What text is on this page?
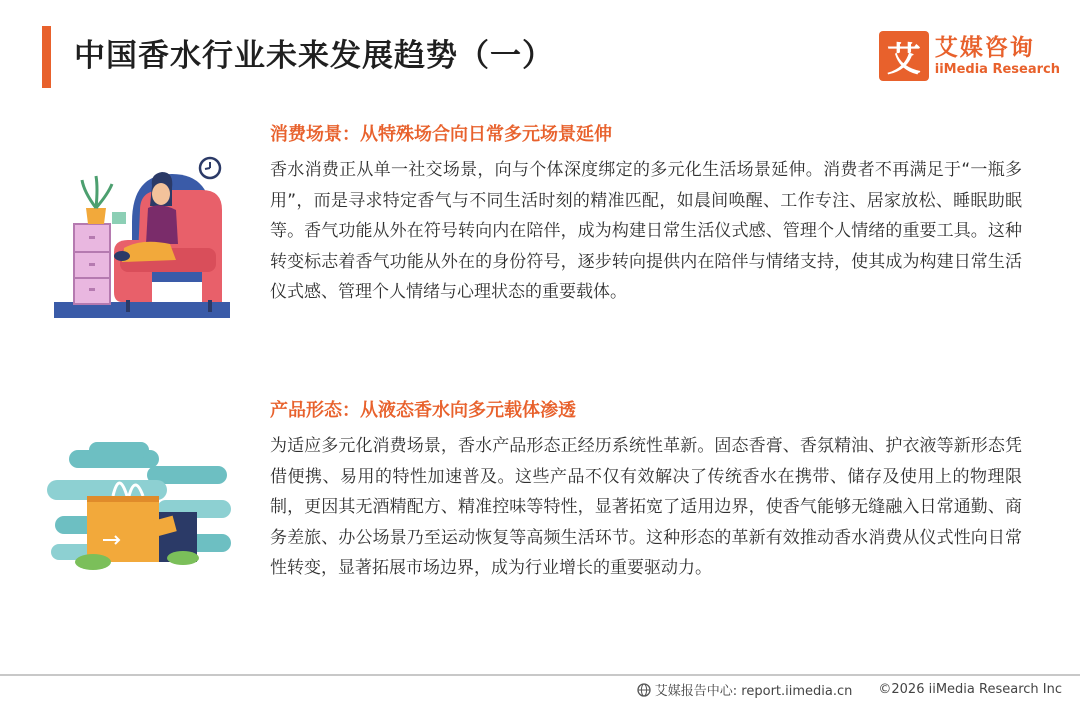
中国香水行业未来发展趋势（一）	艾 艾媒咨询
iiMedia Research
消费场景：从特殊场合向日常多元场景延伸
香水消费正从单一社交场景，向与个体深度绑定的多元化生活场景延伸。消费者不再满足于“一瓶多用”，而是寻求特定香气与不同生活时刻的精准匹配，如晨间唤醒、工作专注、居家放松、睡眠助眠等。香气功能从外在符号转向内在陪伴，成为构建日常生活仪式感、管理个人情绪的重要工具。这种转变标志着香气功能从外在的身份符号，逐步转向提供内在陪伴与情绪支持，使其成为构建日常生活仪式感、管理个人情绪与心理状态的重要载体。
产品形态：从液态香水向多元载体渗透
为适应多元化消费场景，香水产品形态正经历系统性革新。固态香膏、香氛精油、护衣液等新形态凭借便携、易用的特性加速普及。这些产品不仅有效解决了传统香水在携带、储存及使用上的物理限制，更因其无酒精配方、精准控味等特性，显著拓宽了适用边界，使香气能够无缝融入日常通勤、商务差旅、办公场景乃至运动恢复等高频生活环节。这种形态的革新有效推动香水消费从仪式性向日常性转变，显著拓展市场边界，成为行业增长的重要驱动力。
艾媒报告中心: report.iimedia.cn ©2026 iiMedia Research Inc
